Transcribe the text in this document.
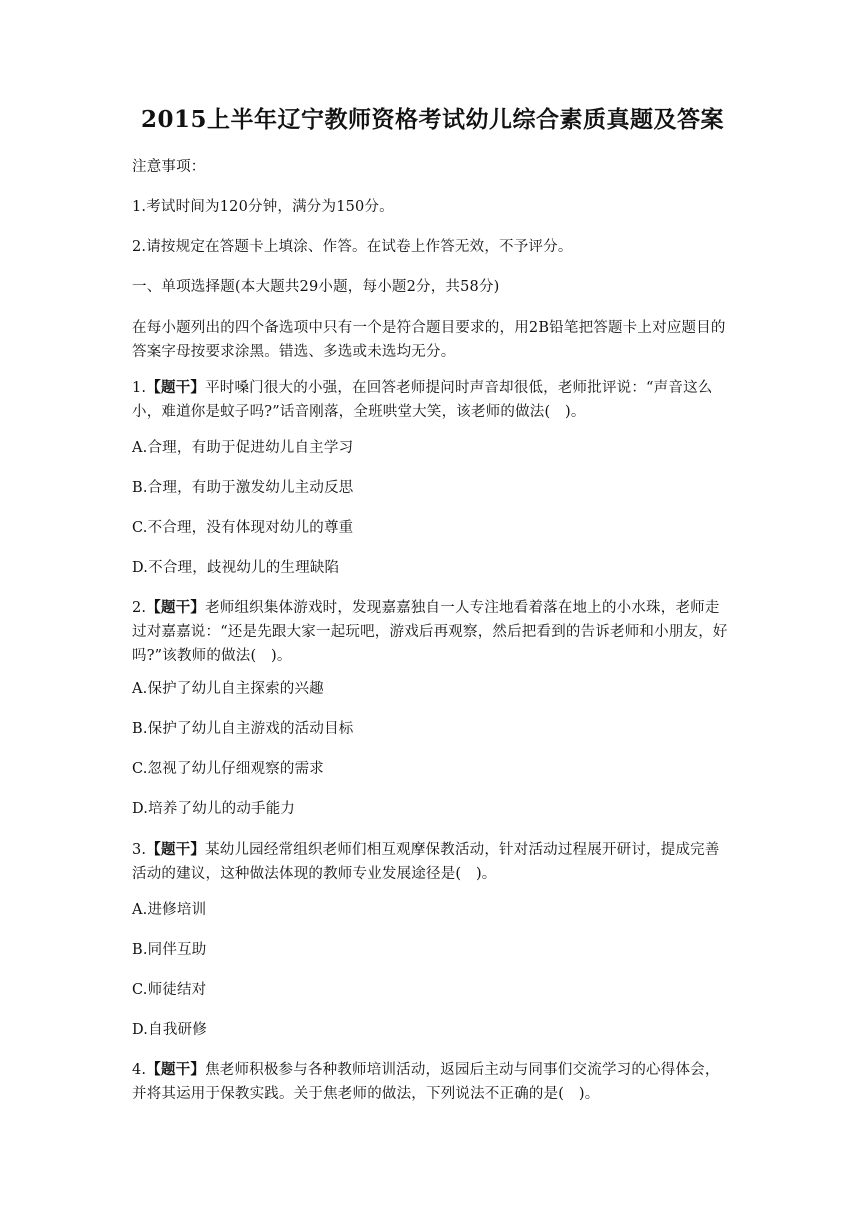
2015上半年辽宁教师资格考试幼儿综合素质真题及答案

注意事项：

1.考试时间为120分钟，满分为150分。

2.请按规定在答题卡上填涂、作答。在试卷上作答无效，不予评分。

一、单项选择题(本大题共29小题，每小题2分，共58分)

在每小题列出的四个备选项中只有一个是符合题目要求的，用2B铅笔把答题卡上对应题目的答案字母按要求涂黑。错选、多选或未选均无分。

1.【题干】平时嗓门很大的小强，在回答老师提问时声音却很低，老师批评说：“声音这么小，难道你是蚊子吗?”话音刚落，全班哄堂大笑，该老师的做法(　)。

A.合理，有助于促进幼儿自主学习

B.合理，有助于激发幼儿主动反思

C.不合理，没有体现对幼儿的尊重

D.不合理，歧视幼儿的生理缺陷

2.【题干】老师组织集体游戏时，发现嘉嘉独自一人专注地看着落在地上的小水珠，老师走过对嘉嘉说：“还是先跟大家一起玩吧，游戏后再观察，然后把看到的告诉老师和小朋友，好吗?”该教师的做法(　)。

A.保护了幼儿自主探索的兴趣

B.保护了幼儿自主游戏的活动目标

C.忽视了幼儿仔细观察的需求

D.培养了幼儿的动手能力

3.【题干】某幼儿园经常组织老师们相互观摩保教活动，针对活动过程展开研讨，提成完善活动的建议，这种做法体现的教师专业发展途径是(　)。

A.进修培训

B.同伴互助

C.师徒结对

D.自我研修

4.【题干】焦老师积极参与各种教师培训活动，返园后主动与同事们交流学习的心得体会，并将其运用于保教实践。关于焦老师的做法，下列说法不正确的是(　)。
